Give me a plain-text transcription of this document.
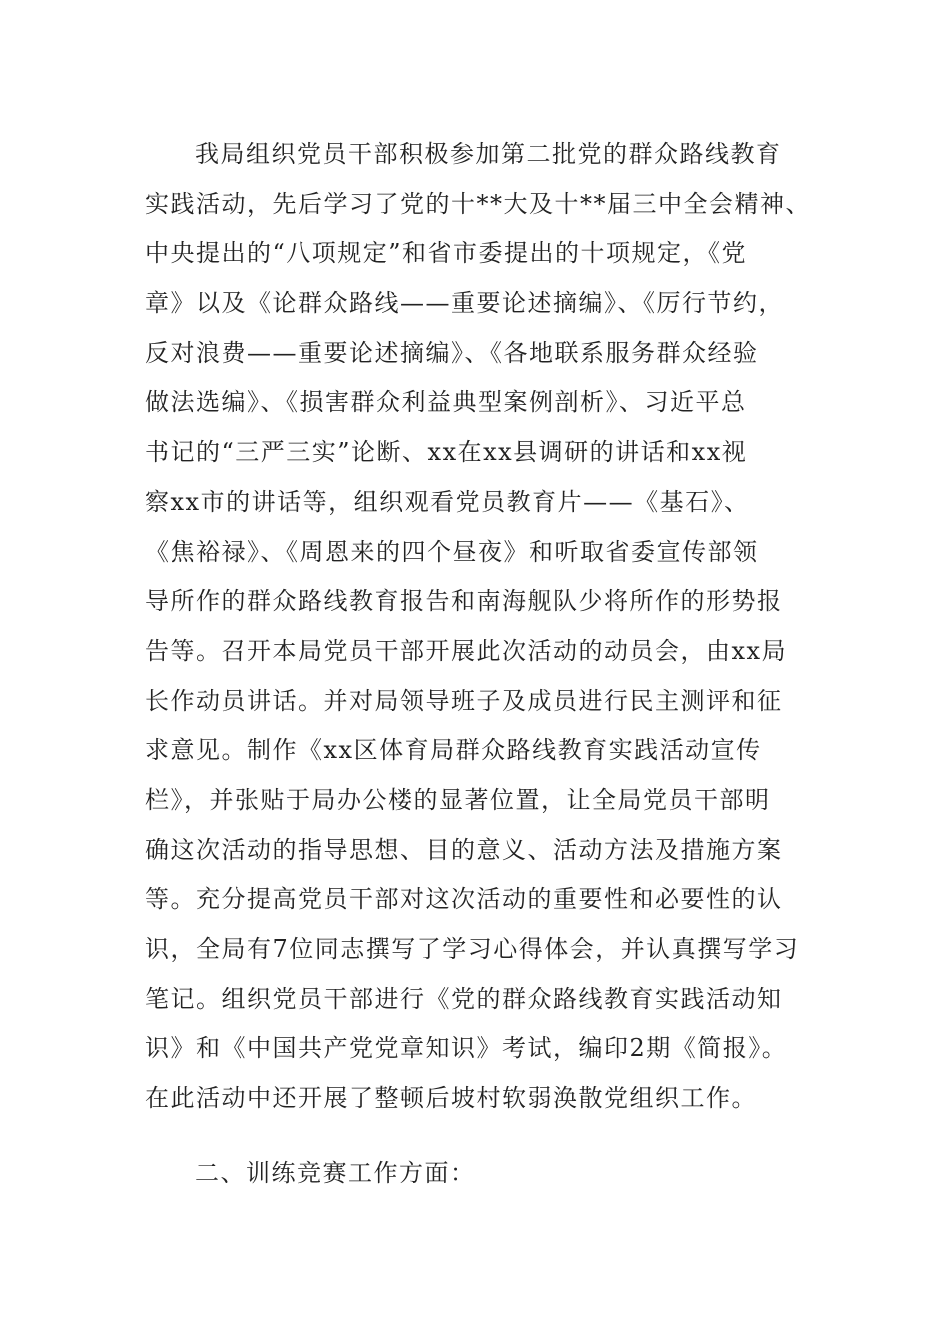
我局组织党员干部积极参加第二批党的群众路线教育
实践活动，先后学习了党的十**大及十**届三中全会精神、
中央提出的“八项规定”和省市委提出的十项规定，《党
章》以及《论群众路线——重要论述摘编》、《厉行节约，
反对浪费——重要论述摘编》、《各地联系服务群众经验
做法选编》、《损害群众利益典型案例剖析》、习近平总
书记的“三严三实”论断、xx在xx县调研的讲话和xx视
察xx市的讲话等，组织观看党员教育片——《基石》、
《焦裕禄》、《周恩来的四个昼夜》和听取省委宣传部领
导所作的群众路线教育报告和南海舰队少将所作的形势报
告等。召开本局党员干部开展此次活动的动员会，由xx局
长作动员讲话。并对局领导班子及成员进行民主测评和征
求意见。制作《xx区体育局群众路线教育实践活动宣传
栏》，并张贴于局办公楼的显著位置，让全局党员干部明
确这次活动的指导思想、目的意义、活动方法及措施方案
等。充分提高党员干部对这次活动的重要性和必要性的认
识，全局有7位同志撰写了学习心得体会，并认真撰写学习
笔记。组织党员干部进行《党的群众路线教育实践活动知
识》和《中国共产党党章知识》考试，编印2期《简报》。
在此活动中还开展了整顿后坡村软弱涣散党组织工作。
二、训练竞赛工作方面：
